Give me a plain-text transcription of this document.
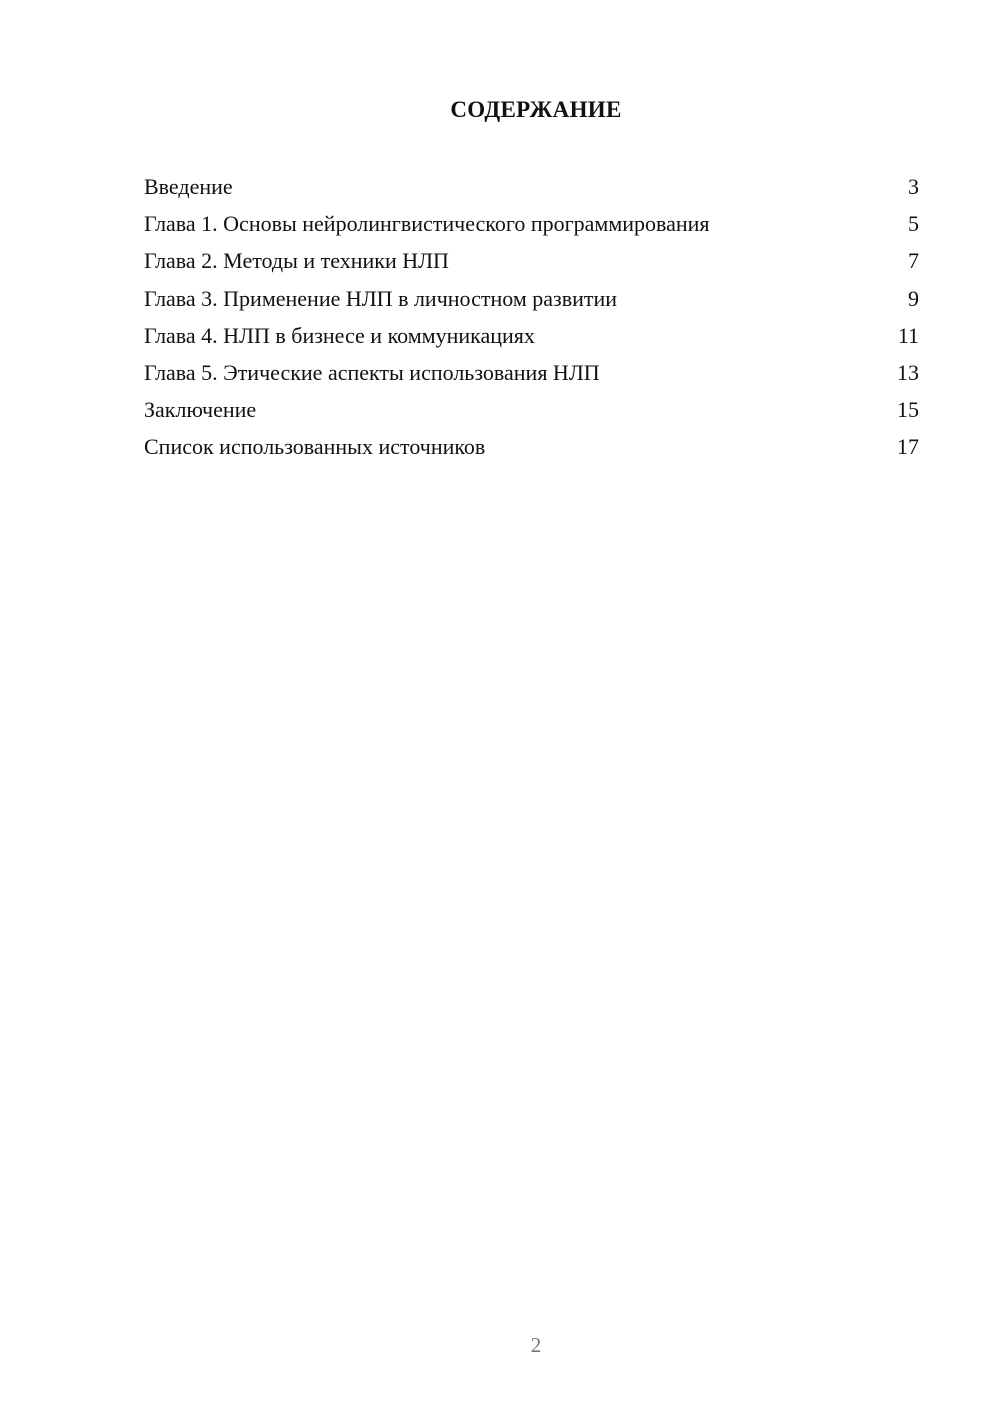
СОДЕРЖАНИЕ
Введение	3
Глава 1. Основы нейролингвистического программирования	5
Глава 2. Методы и техники НЛП	7
Глава 3. Применение НЛП в личностном развитии	9
Глава 4. НЛП в бизнесе и коммуникациях	11
Глава 5. Этические аспекты использования НЛП	13
Заключение	15
Список использованных источников	17
2
